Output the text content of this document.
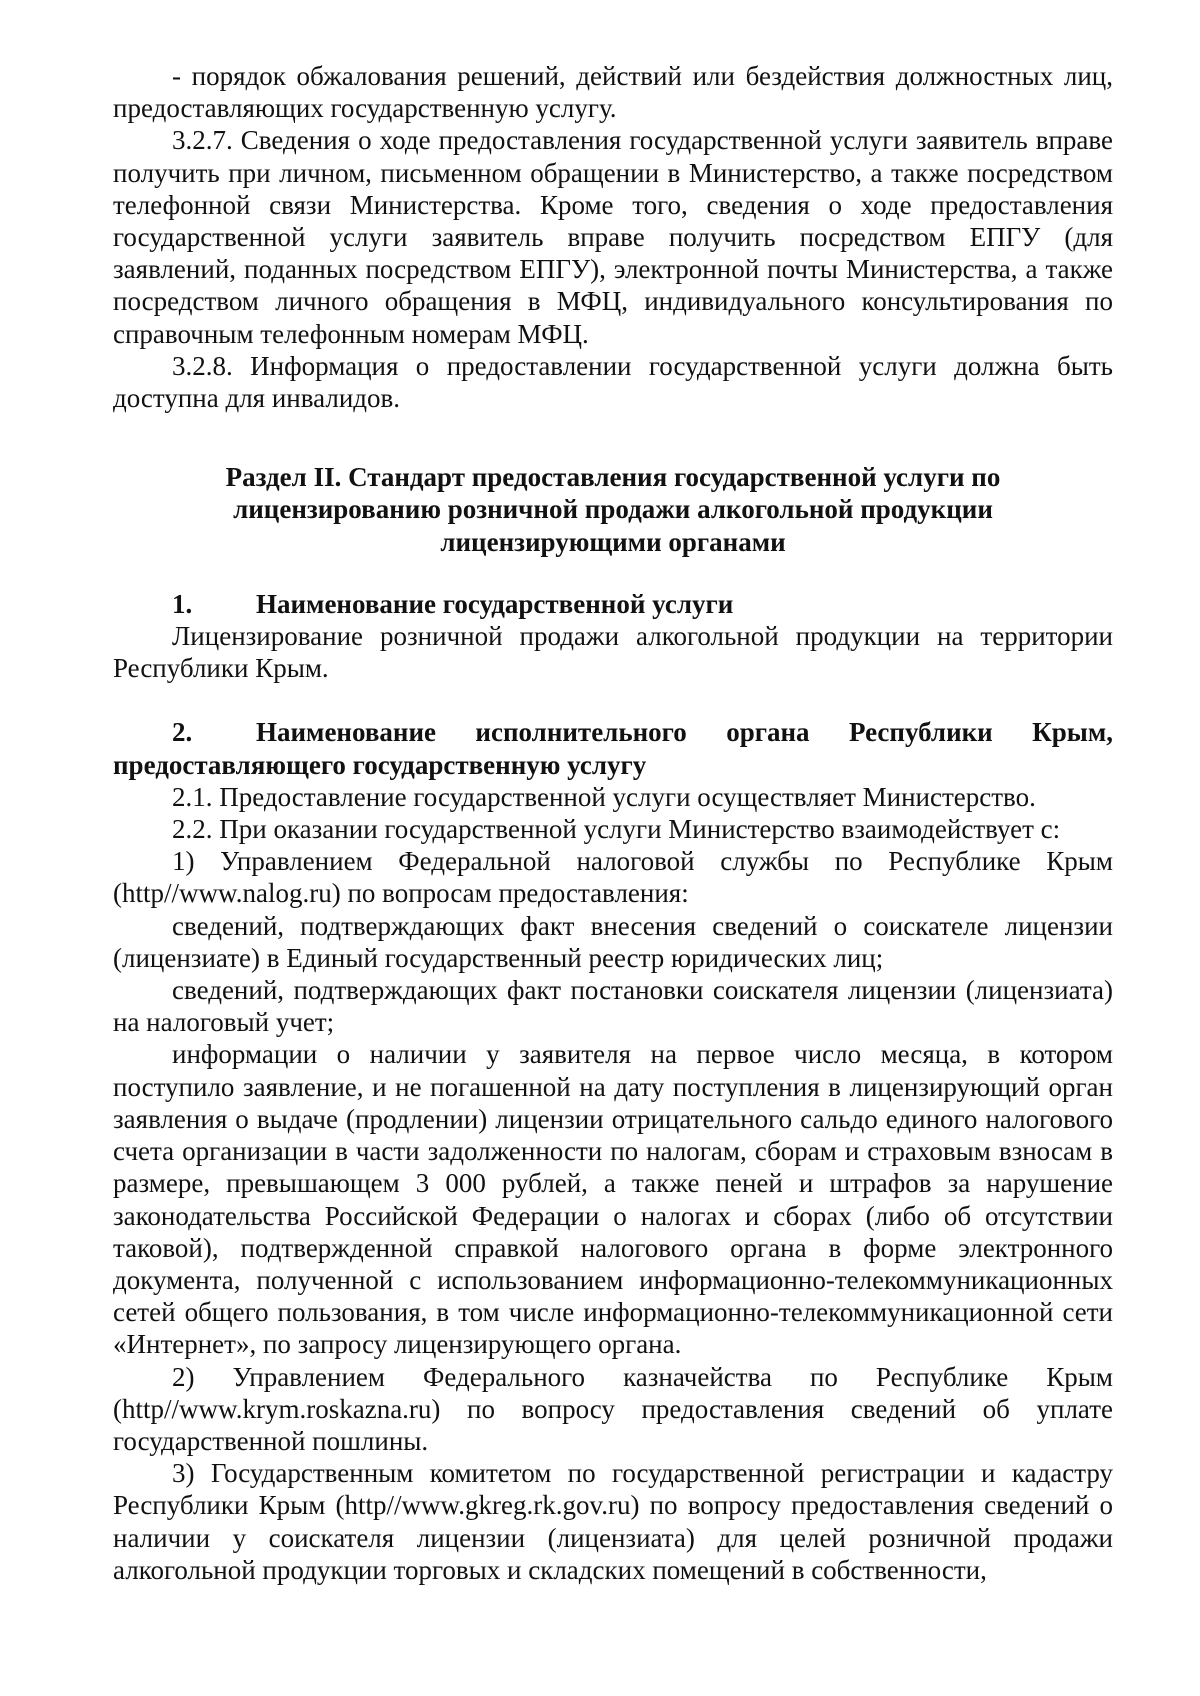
- порядок обжалования решений, действий или бездействия должностных лиц, предоставляющих государственную услугу.

3.2.7. Сведения о ходе предоставления государственной услуги заявитель вправе получить при личном, письменном обращении в Министерство, а также посредством телефонной связи Министерства. Кроме того, сведения о ходе предоставления государственной услуги заявитель вправе получить посредством ЕПГУ (для заявлений, поданных посредством ЕПГУ), электронной почты Министерства, а также посредством личного обращения в МФЦ, индивидуального консультирования по справочным телефонным номерам МФЦ.

3.2.8. Информация о предоставлении государственной услуги должна быть доступна для инвалидов.

Раздел II. Стандарт предоставления государственной услуги по лицензированию розничной продажи алкогольной продукции лицензирующими органами

1. Наименование государственной услуги

Лицензирование розничной продажи алкогольной продукции на территории Республики Крым.

2. Наименование исполнительного органа Республики Крым, предоставляющего государственную услугу

2.1. Предоставление государственной услуги осуществляет Министерство.

2.2. При оказании государственной услуги Министерство взаимодействует с:

1) Управлением Федеральной налоговой службы по Республике Крым (http//www.nalog.ru) по вопросам предоставления:

сведений, подтверждающих факт внесения сведений о соискателе лицензии (лицензиате) в Единый государственный реестр юридических лиц;

сведений, подтверждающих факт постановки соискателя лицензии (лицензиата) на налоговый учет;

информации о наличии у заявителя на первое число месяца, в котором поступило заявление, и не погашенной на дату поступления в лицензирующий орган заявления о выдаче (продлении) лицензии отрицательного сальдо единого налогового счета организации в части задолженности по налогам, сборам и страховым взносам в размере, превышающем 3 000 рублей, а также пеней и штрафов за нарушение законодательства Российской Федерации о налогах и сборах (либо об отсутствии таковой), подтвержденной справкой налогового органа в форме электронного документа, полученной с использованием информационно-телекоммуникационных сетей общего пользования, в том числе информационно-телекоммуникационной сети «Интернет», по запросу лицензирующего органа.

2) Управлением Федерального казначейства по Республике Крым (http//www.krym.roskazna.ru) по вопросу предоставления сведений об уплате государственной пошлины.

3) Государственным комитетом по государственной регистрации и кадастру Республики Крым (http//www.gkreg.rk.gov.ru) по вопросу предоставления сведений о наличии у соискателя лицензии (лицензиата) для целей розничной продажи алкогольной продукции торговых и складских помещений в собственности,
